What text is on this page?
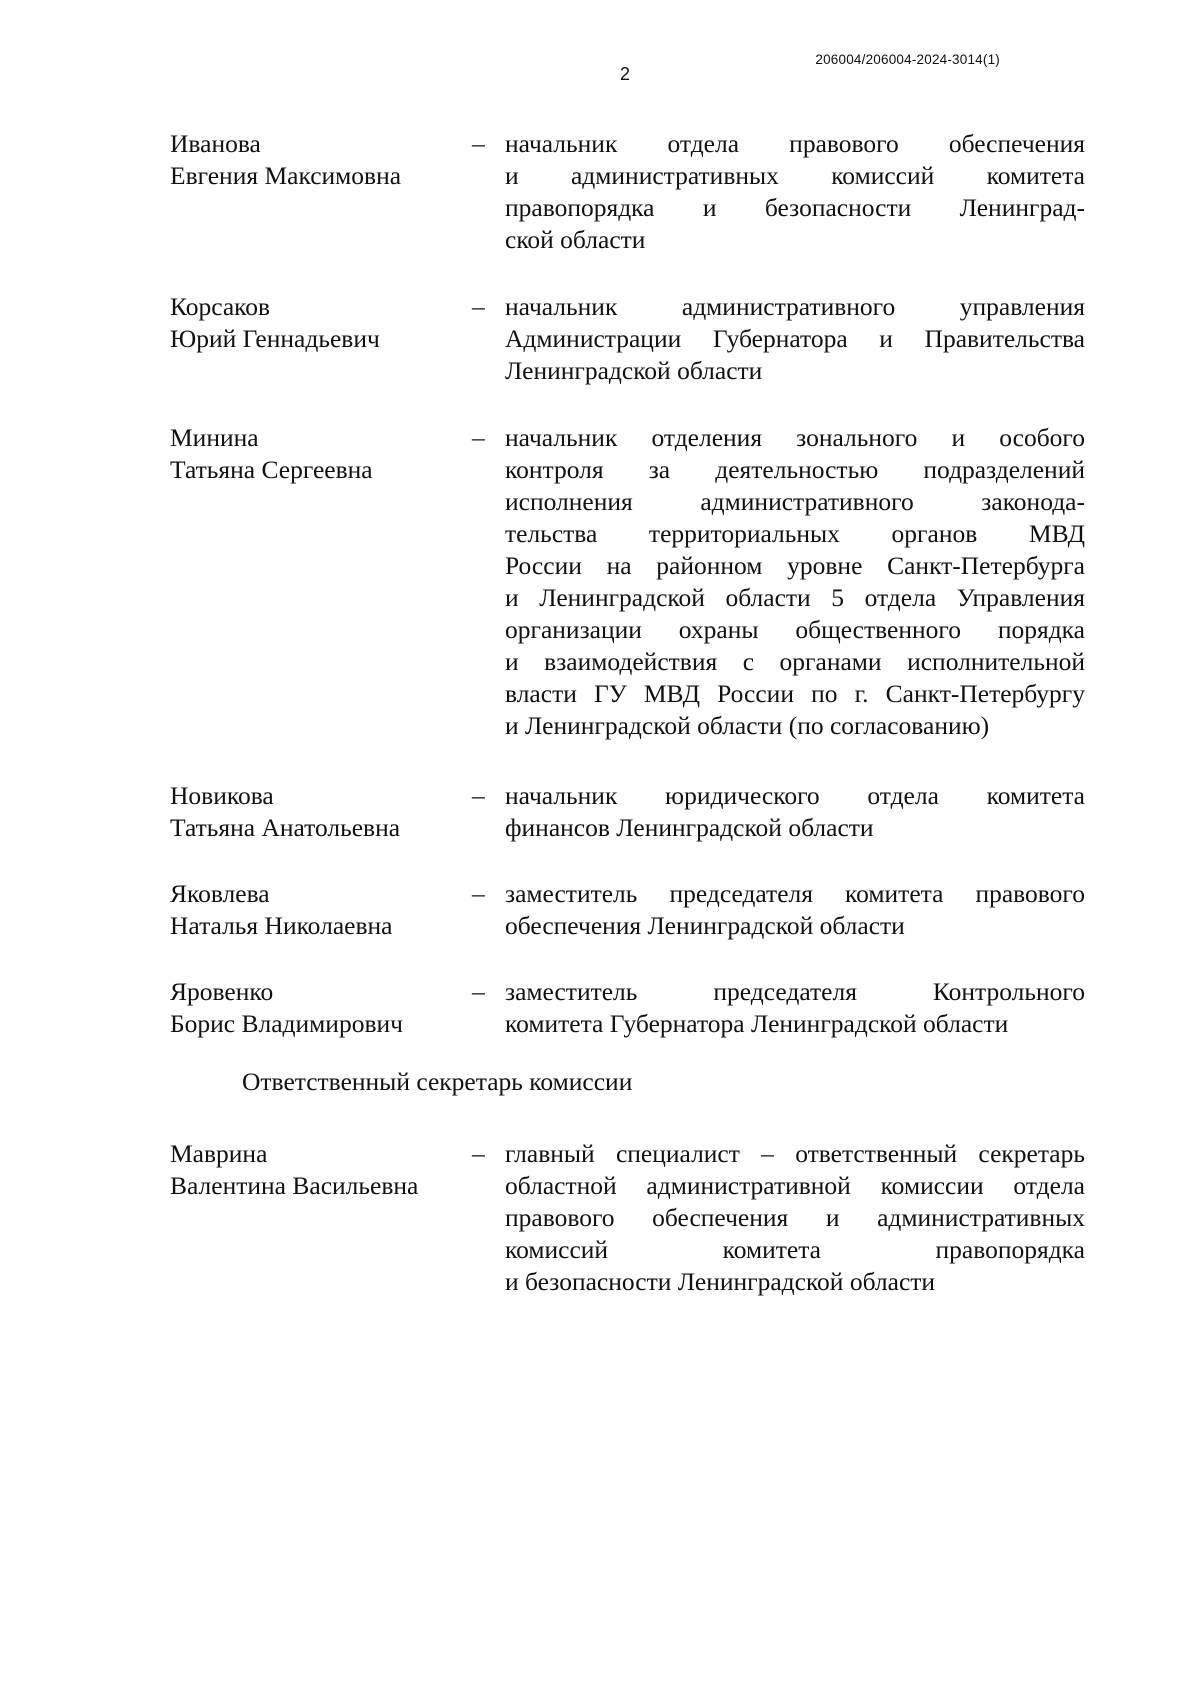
206004/206004-2024-3014(1)
2
Иванова
Евгения Максимовна
– начальник отдела правового обеспечения
и административных комиссий комитета
правопорядка и безопасности Ленинград-
ской области
Корсаков
Юрий Геннадьевич
– начальник административного управления
Администрации Губернатора и Правительства
Ленинградской области
Минина
Татьяна Сергеевна
– начальник отделения зонального и особого
контроля за деятельностью подразделений
исполнения административного законода-
тельства территориальных органов МВД
России на районном уровне Санкт-Петербурга
и Ленинградской области 5 отдела Управления
организации охраны общественного порядка
и взаимодействия с органами исполнительной
власти ГУ МВД России по г. Санкт-Петербургу
и Ленинградской области (по согласованию)
Новикова
Татьяна Анатольевна
– начальник юридического отдела комитета
финансов Ленинградской области
Яковлева
Наталья Николаевна
– заместитель председателя комитета правового
обеспечения Ленинградской области
Яровенко
Борис Владимирович
– заместитель председателя Контрольного
комитета Губернатора Ленинградской области
Ответственный секретарь комиссии
Маврина
Валентина Васильевна
– главный специалист – ответственный секретарь
областной административной комиссии отдела
правового обеспечения и административных
комиссий комитета правопорядка
и безопасности Ленинградской области
